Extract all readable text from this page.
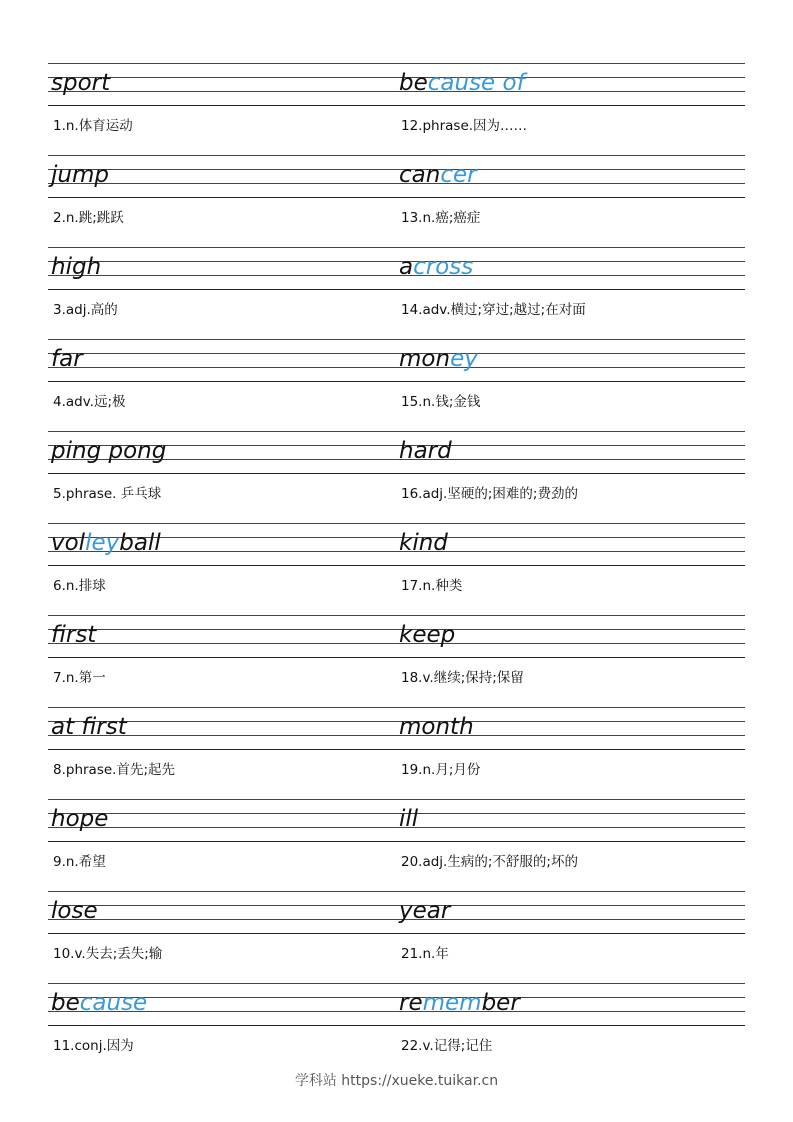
sport
1.n.体育运动
jump
2.n.跳;跳跃
high
3.adj.高的
far
4.adv.远;极
ping pong
5.phrase. 乒乓球
volleyball
6.n.排球
first
7.n.第一
at first
8.phrase.首先;起先
hope
9.n.希望
lose
10.v.失去;丢失;输
because
11.conj.因为
because of
12.phrase.因为……
cancer
13.n.癌;癌症
across
14.adv.横过;穿过;越过;在对面
money
15.n.钱;金钱
hard
16.adj.坚硬的;困难的;费劲的
kind
17.n.种类
keep
18.v.继续;保持;保留
month
19.n.月;月份
ill
20.adj.生病的;不舒服的;坏的
year
21.n.年
remember
22.v.记得;记住
学科站 https://xueke.tuikar.cn
